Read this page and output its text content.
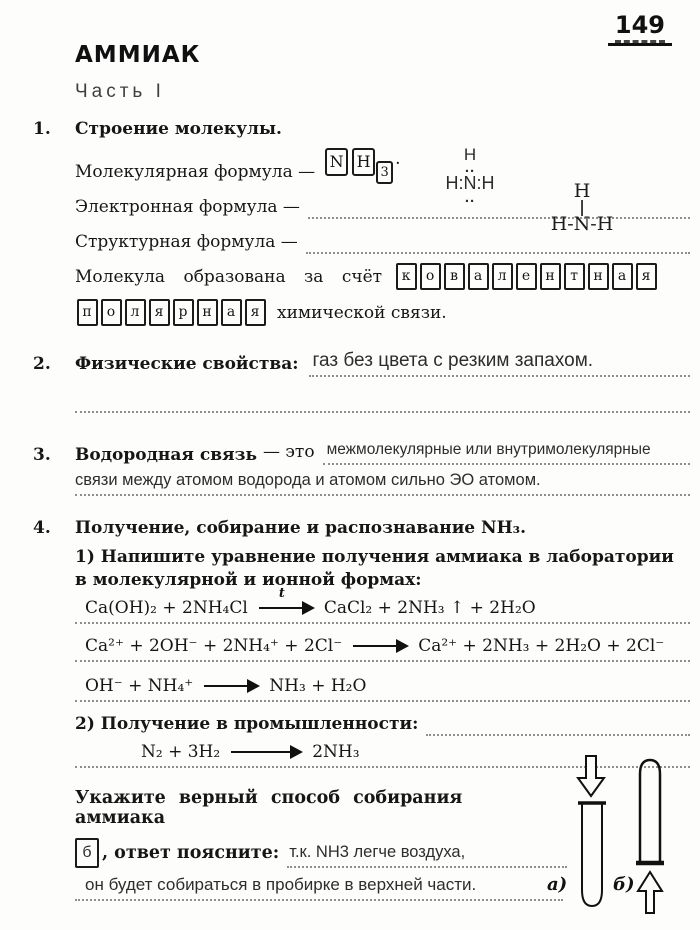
149
АММИАК
Часть I
1.	Строение молекулы.
Молекулярная формула —
N H3.
Электронная формула —
Структурная формула —
H
..
H:N:H
..	H
|
H-N-H
Молекула образована за счёт	к	о	в	а	л	е	н	т	н	а	я
п	о	л	я	р	н	а	я	химической связи.
2.	Физические свойства: газ без цвета с резким запахом.
3.	Водородная связь — это межмолекулярные или внутримолекулярные
связи между атомом водорода и атомом сильно ЭО атомом.
4.	Получение, собирание и распознавание NH₃.
1) Напишите уравнение получения аммиака в лаборатории
в молекулярной и ионной формах:
Ca(OH)₂ + 2NH₄Cl
t
CaCl₂ + 2NH₃ ↑ + 2H₂O
Ca²⁺ + 2OH⁻ + 2NH₄⁺ + 2Cl⁻	Ca²⁺ + 2NH₃ + 2H₂O + 2Cl⁻
OH⁻ + NH₄⁺	NH₃ + H₂O
2) Получение в промышленности:
N₂ + 3H₂	2NH₃
Укажите верный способ собирания аммиака
б , ответ поясните: т.к. NH3 легче воздуха,
он будет собираться в пробирке в верхней части.	а)	б)
